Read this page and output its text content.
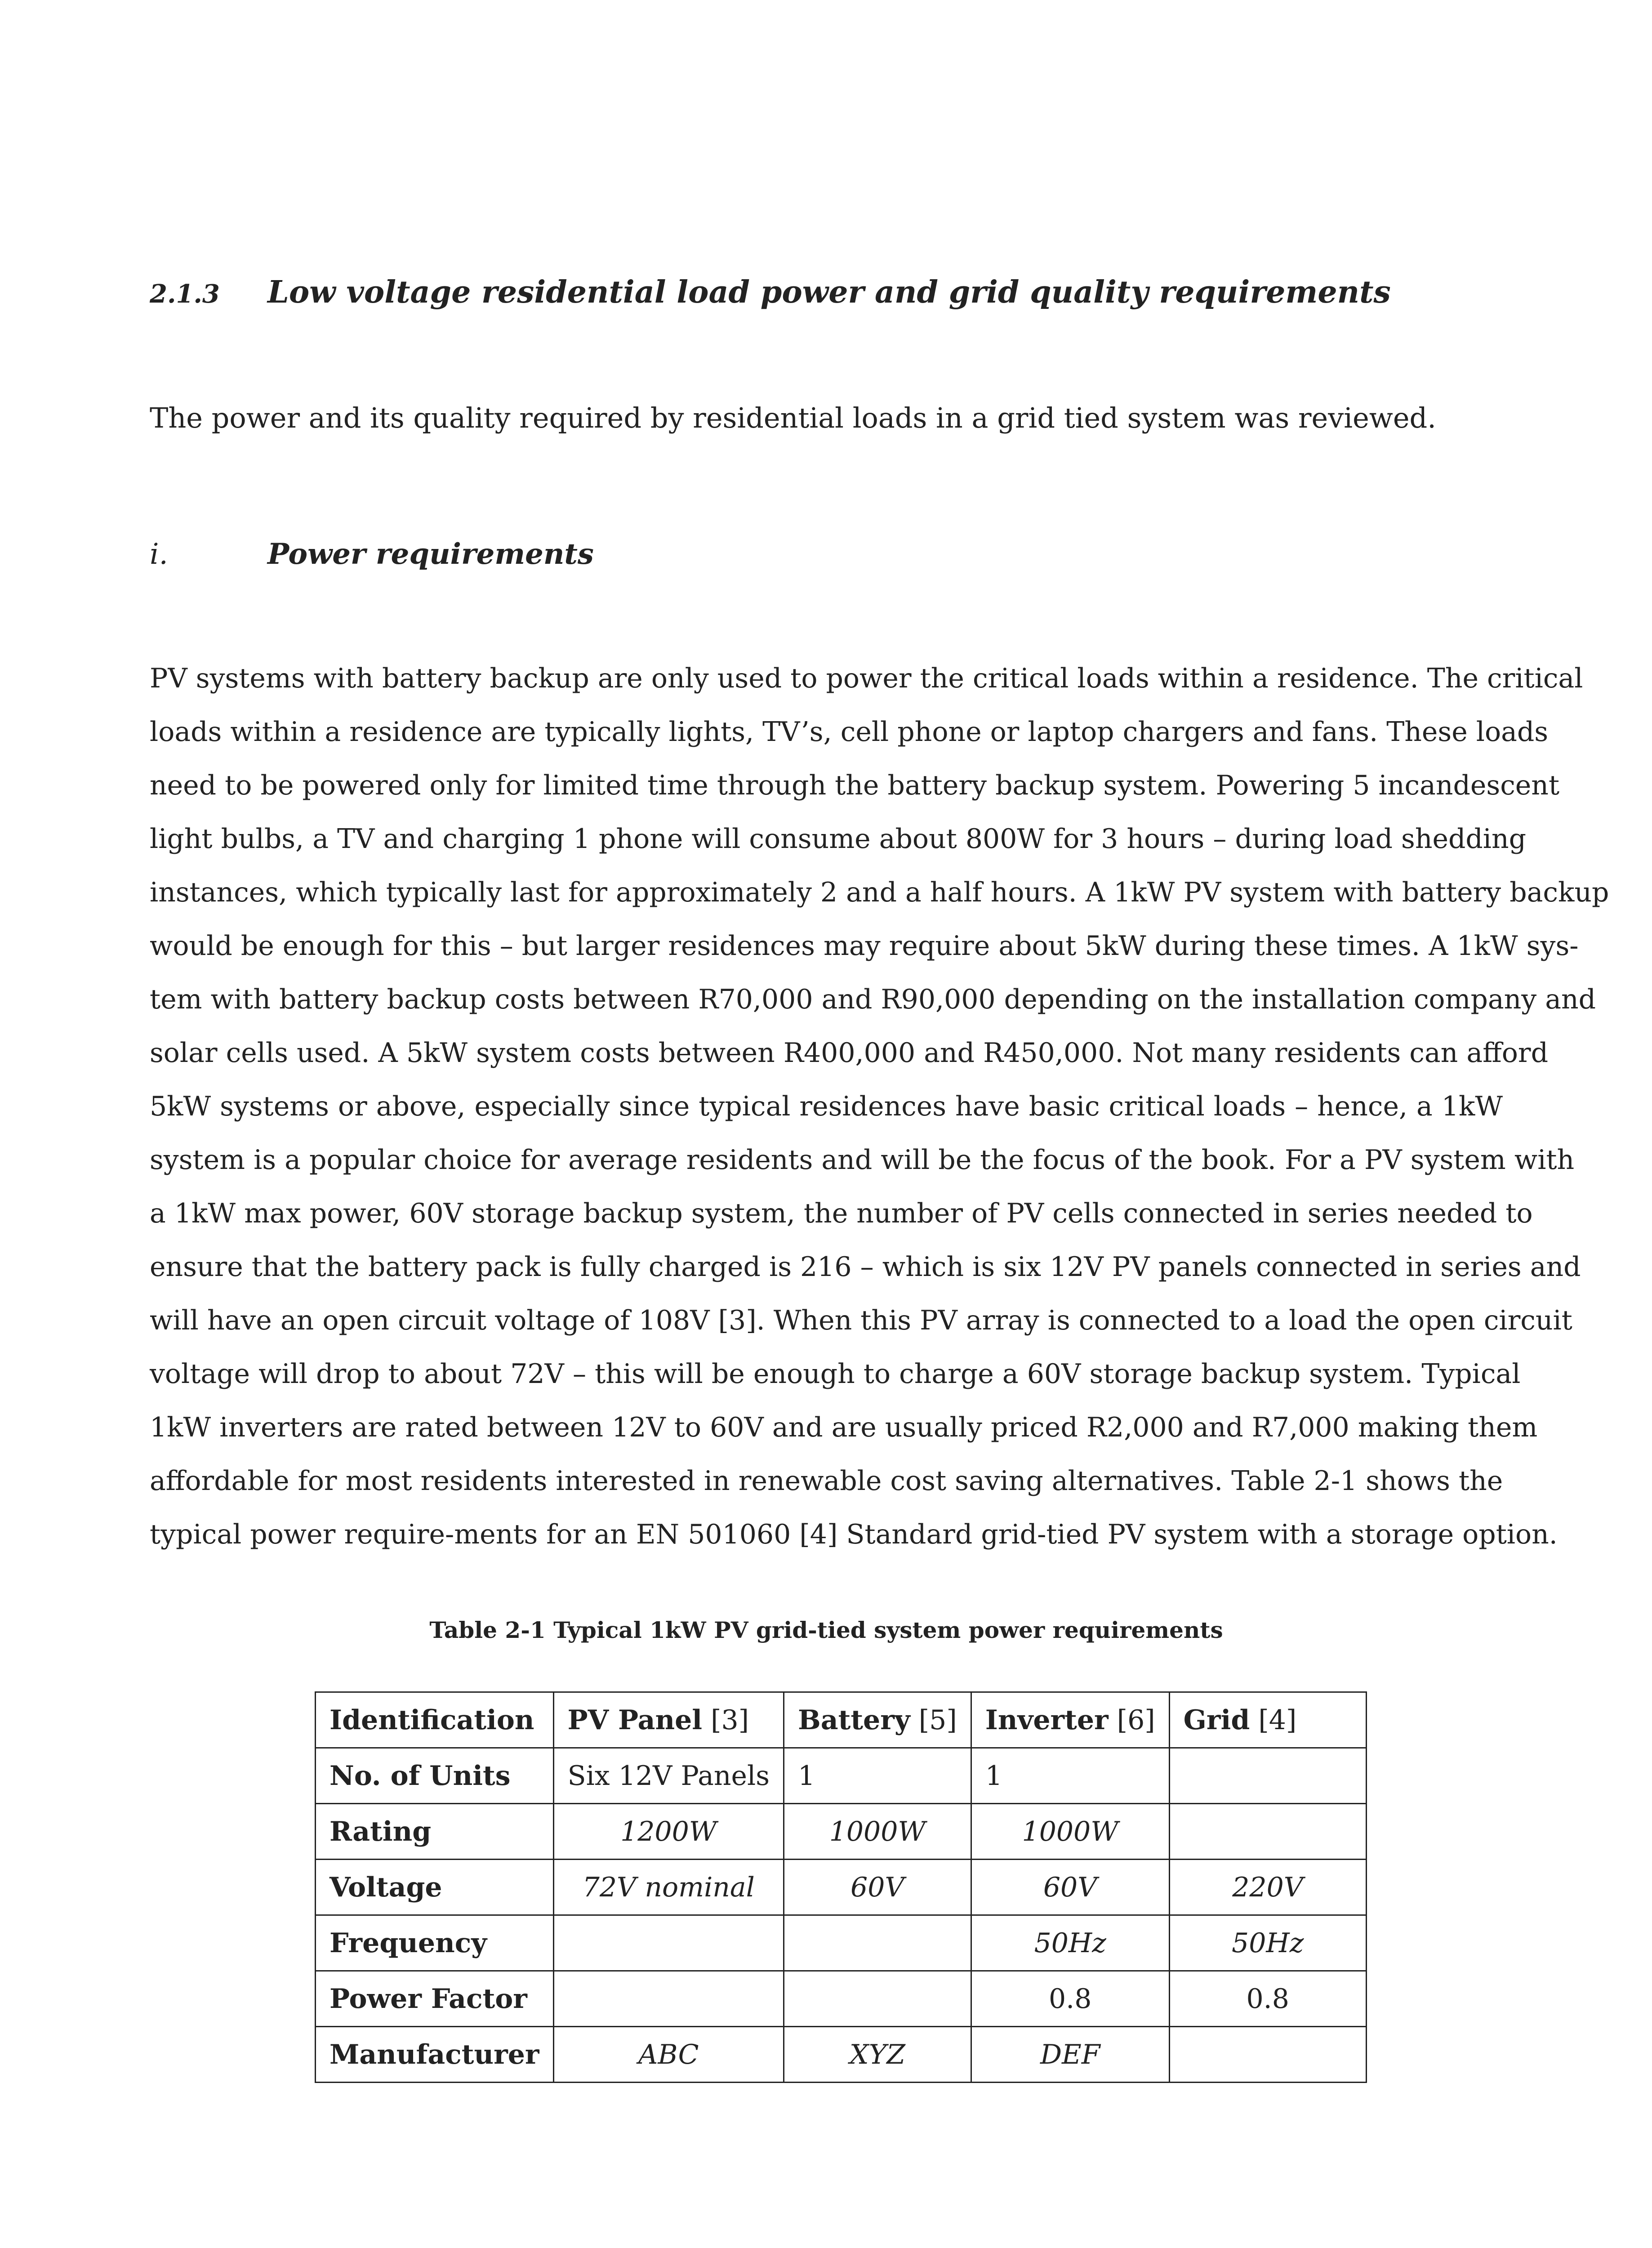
2.1.3 Low voltage residential load power and grid quality requirements
The power and its quality required by residential loads in a grid tied system was reviewed.
i.	Power requirements
PV systems with battery backup are only used to power the critical loads within a residence. The critical
loads within a residence are typically lights, TV’s, cell phone or laptop chargers and fans. These loads
need to be powered only for limited time through the battery backup system. Powering 5 incandescent
light bulbs, a TV and charging 1 phone will consume about 800W for 3 hours – during load shedding
instances, which typically last for approximately 2 and a half hours. A 1kW PV system with battery backup
would be enough for this – but larger residences may require about 5kW during these times. A 1kW sys-
tem with battery backup costs between R70,000 and R90,000 depending on the installation company and
solar cells used. A 5kW system costs between R400,000 and R450,000. Not many residents can afford
5kW systems or above, especially since typical residences have basic critical loads – hence, a 1kW
system is a popular choice for average residents and will be the focus of the book. For a PV system with
a 1kW max power, 60V storage backup system, the number of PV cells connected in series needed to
ensure that the battery pack is fully charged is 216 – which is six 12V PV panels connected in series and
will have an open circuit voltage of 108V [3]. When this PV array is connected to a load the open circuit
voltage will drop to about 72V – this will be enough to charge a 60V storage backup system. Typical
1kW inverters are rated between 12V to 60V and are usually priced R2,000 and R7,000 making them
affordable for most residents interested in renewable cost saving alternatives. Table 2-1 shows the
typical power require-ments for an EN 501060 [4] Standard grid-tied PV system with a storage option.
Table 2-1 Typical 1kW PV grid-tied system power requirements
Identification	PV Panel [3]	Battery [5]	Inverter [6]	Grid [4]
No. of Units	Six 12V Panels	1	1	
Rating	1200W	1000W	1000W	
Voltage	72V nominal	60V	60V	220V
Frequency			50Hz	50Hz
Power Factor			0.8	0.8
Manufacturer	ABC	XYZ	DEF	
